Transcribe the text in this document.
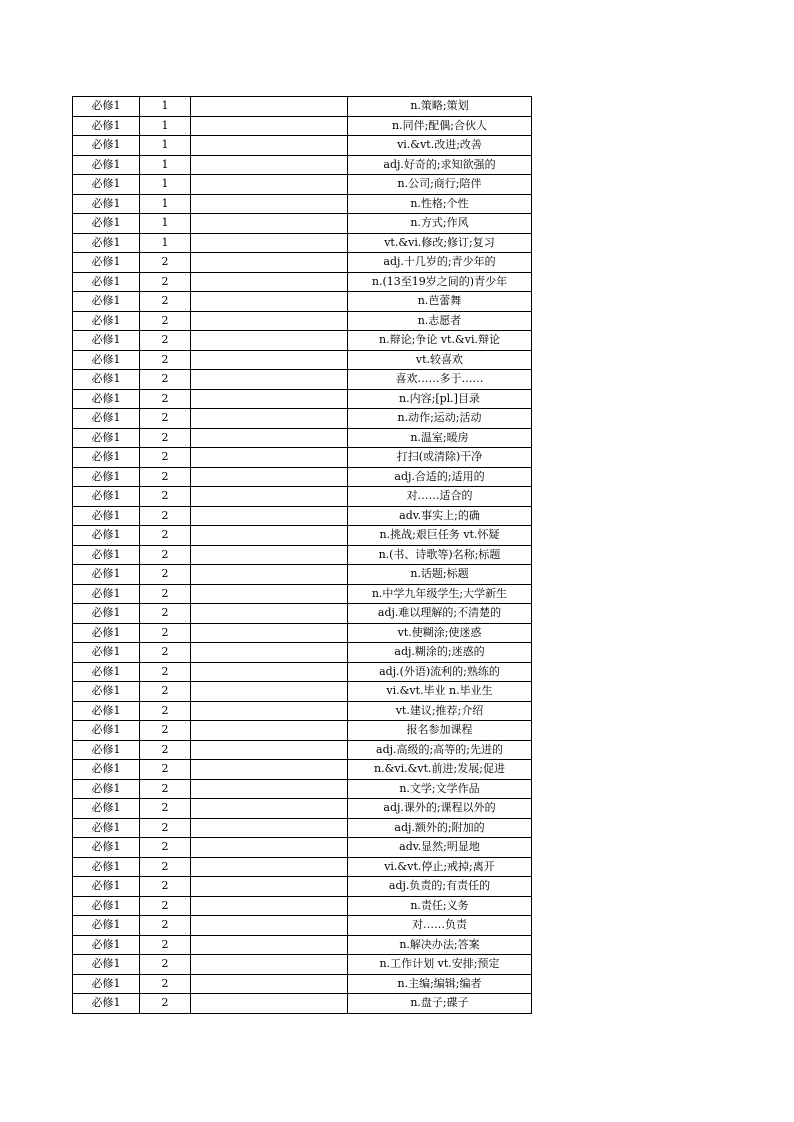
必修1	1		n.策略;策划
必修1	1		n.同伴;配偶;合伙人
必修1	1		vi.&vt.改进;改善
必修1	1		adj.好奇的;求知欲强的
必修1	1		n.公司;商行;陪伴
必修1	1		n.性格;个性
必修1	1		n.方式;作风
必修1	1		vt.&vi.修改;修订;复习
必修1	2		adj.十几岁的;青少年的
必修1	2		n.(13至19岁之间的)青少年
必修1	2		n.芭蕾舞
必修1	2		n.志愿者
必修1	2		n.辩论;争论 vt.&vi.辩论
必修1	2		vt.较喜欢
必修1	2		喜欢……多于……
必修1	2		n.内容;[pl.]目录
必修1	2		n.动作;运动;活动
必修1	2		n.温室;暖房
必修1	2		打扫(或清除)干净
必修1	2		adj.合适的;适用的
必修1	2		对……适合的
必修1	2		adv.事实上;的确
必修1	2		n.挑战;艰巨任务 vt.怀疑
必修1	2		n.(书、诗歌等)名称;标题
必修1	2		n.话题;标题
必修1	2		n.中学九年级学生;大学新生
必修1	2		adj.难以理解的;不清楚的
必修1	2		vt.使糊涂;使迷惑
必修1	2		adj.糊涂的;迷惑的
必修1	2		adj.(外语)流利的;熟练的
必修1	2		vi.&vt.毕业 n.毕业生
必修1	2		vt.建议;推荐;介绍
必修1	2		报名参加课程
必修1	2		adj.高级的;高等的;先进的
必修1	2		n.&vi.&vt.前进;发展;促进
必修1	2		n.文学;文学作品
必修1	2		adj.课外的;课程以外的
必修1	2		adj.额外的;附加的
必修1	2		adv.显然;明显地
必修1	2		vi.&vt.停止;戒掉;离开
必修1	2		adj.负责的;有责任的
必修1	2		n.责任;义务
必修1	2		对……负责
必修1	2		n.解决办法;答案
必修1	2		n.工作计划 vt.安排;预定
必修1	2		n.主编;编辑;编者
必修1	2		n.盘子;碟子
